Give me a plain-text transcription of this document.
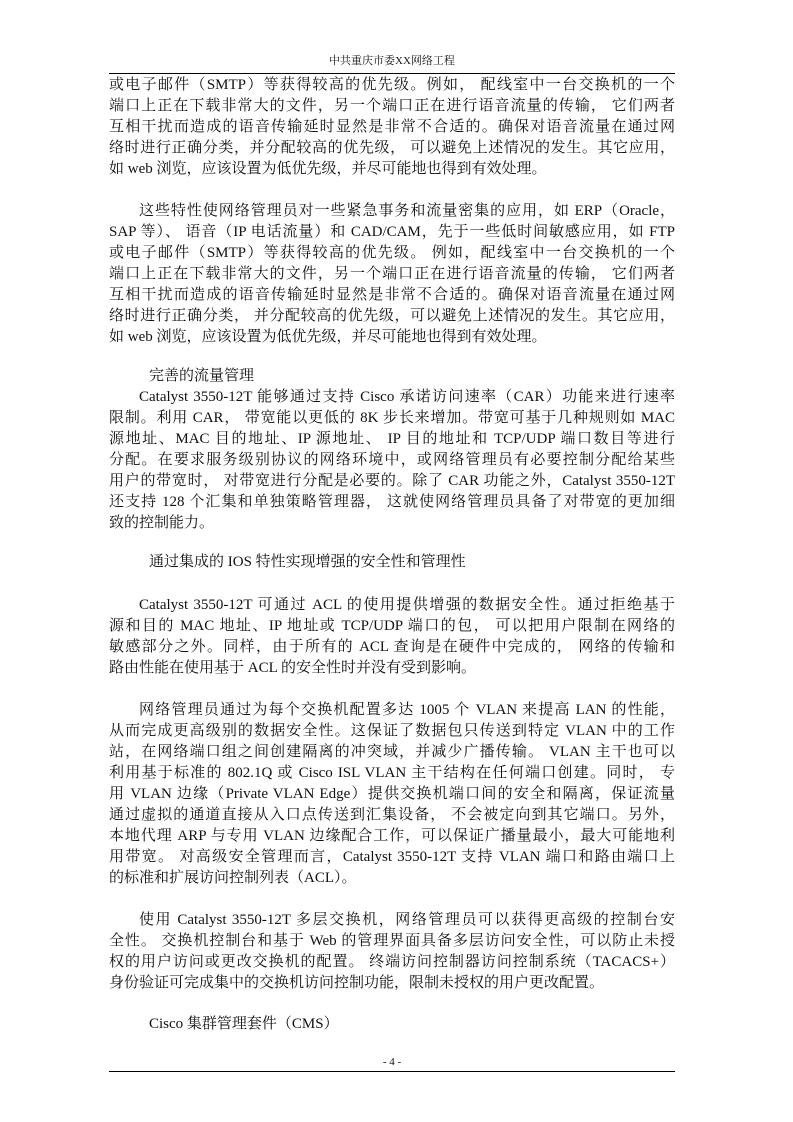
中共重庆市委XX网络工程
或电子邮件（SMTP）等获得较高的优先级。例如， 配线室中一台交换机的一个
端口上正在下载非常大的文件，另一个端口正在进行语音流量的传输， 它们两者
互相干扰而造成的语音传输延时显然是非常不合适的。确保对语音流量在通过网
络时进行正确分类，并分配较高的优先级， 可以避免上述情况的发生。其它应用，
如 web 浏览，应该设置为低优先级，并尽可能地也得到有效处理。
这些特性使网络管理员对一些紧急事务和流量密集的应用，如 ERP（Oracle，
SAP 等）、 语音（IP 电话流量）和 CAD/CAM，先于一些低时间敏感应用，如 FTP
或电子邮件（SMTP）等获得较高的优先级。 例如，配线室中一台交换机的一个
端口上正在下载非常大的文件，另一个端口正在进行语音流量的传输， 它们两者
互相干扰而造成的语音传输延时显然是非常不合适的。确保对语音流量在通过网
络时进行正确分类， 并分配较高的优先级，可以避免上述情况的发生。其它应用，
如 web 浏览，应该设置为低优先级，并尽可能地也得到有效处理。
完善的流量管理
Catalyst 3550-12T 能够通过支持 Cisco 承诺访问速率（CAR）功能来进行速率
限制。利用 CAR， 带宽能以更低的 8K 步长来增加。带宽可基于几种规则如 MAC
源地址、MAC 目的地址、IP 源地址、 IP 目的地址和 TCP/UDP 端口数目等进行
分配。在要求服务级别协议的网络环境中，或网络管理员有必要控制分配给某些
用户的带宽时， 对带宽进行分配是必要的。除了 CAR 功能之外，Catalyst 3550-12T
还支持 128 个汇集和单独策略管理器， 这就使网络管理员具备了对带宽的更加细
致的控制能力。
通过集成的 IOS 特性实现增强的安全性和管理性
Catalyst 3550-12T 可通过 ACL 的使用提供增强的数据安全性。通过拒绝基于
源和目的 MAC 地址、IP 地址或 TCP/UDP 端口的包， 可以把用户限制在网络的
敏感部分之外。同样，由于所有的 ACL 查询是在硬件中完成的， 网络的传输和
路由性能在使用基于 ACL 的安全性时并没有受到影响。
网络管理员通过为每个交换机配置多达 1005 个 VLAN 来提高 LAN 的性能，
从而完成更高级别的数据安全性。这保证了数据包只传送到特定 VLAN 中的工作
站，在网络端口组之间创建隔离的冲突域，并减少广播传输。 VLAN 主干也可以
利用基于标准的 802.1Q 或 Cisco ISL VLAN 主干结构在任何端口创建。同时， 专
用 VLAN 边缘（Private VLAN Edge）提供交换机端口间的安全和隔离，保证流量
通过虚拟的通道直接从入口点传送到汇集设备， 不会被定向到其它端口。另外，
本地代理 ARP 与专用 VLAN 边缘配合工作，可以保证广播量最小，最大可能地利
用带宽。 对高级安全管理而言，Catalyst 3550-12T 支持 VLAN 端口和路由端口上
的标准和扩展访问控制列表（ACL）。
使用 Catalyst 3550-12T 多层交换机，网络管理员可以获得更高级的控制台安
全性。 交换机控制台和基于 Web 的管理界面具备多层访问安全性，可以防止未授
权的用户访问或更改交换机的配置。 终端访问控制器访问控制系统（TACACS+）
身份验证可完成集中的交换机访问控制功能，限制未授权的用户更改配置。
Cisco 集群管理套件（CMS）
- 4 -
